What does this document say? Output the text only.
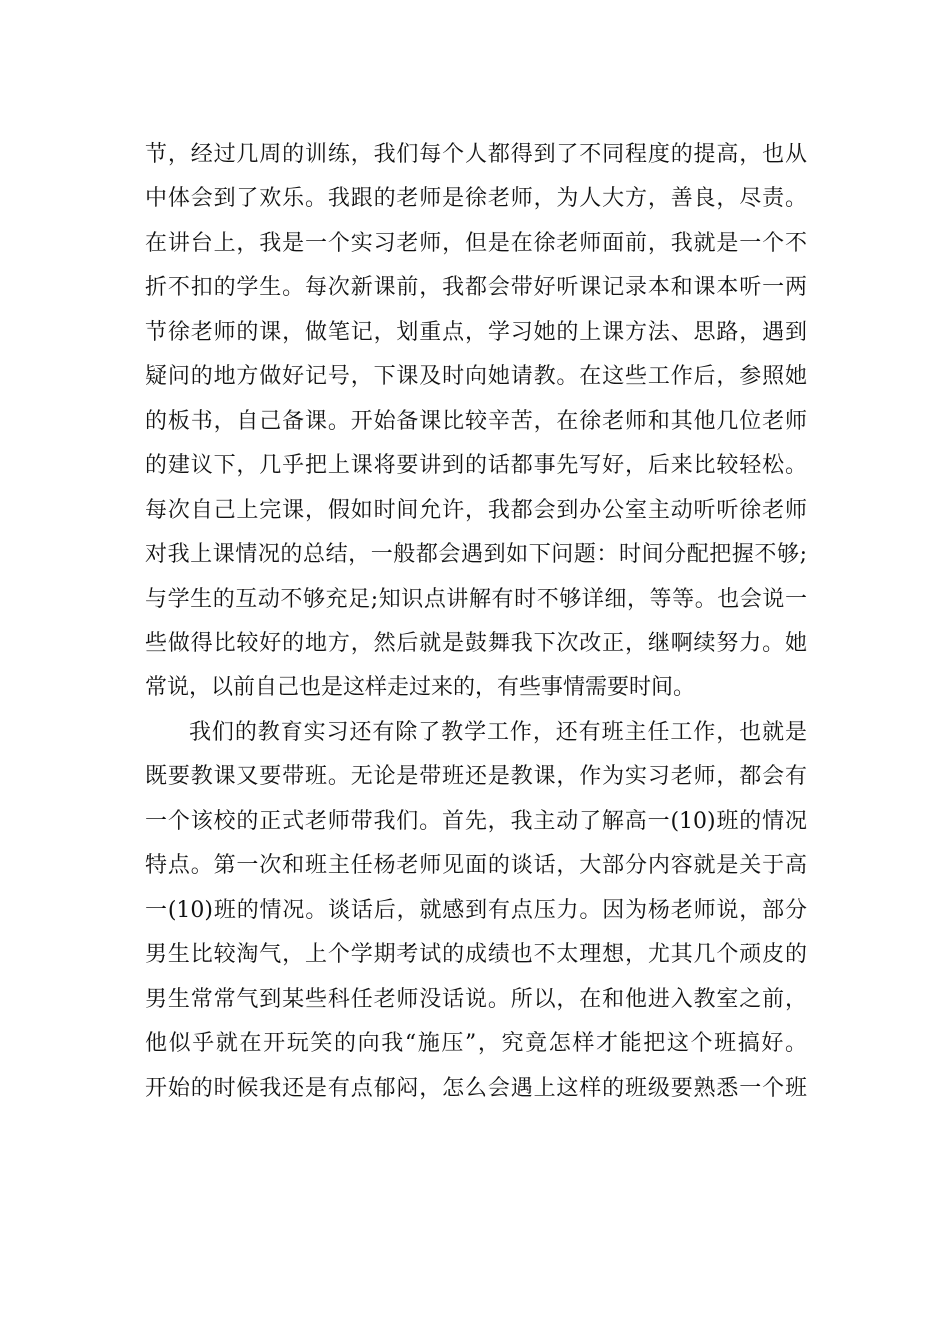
节，经过几周的训练，我们每个人都得到了不同程度的提高，也从
中体会到了欢乐。我跟的老师是徐老师，为人大方，善良，尽责。
在讲台上，我是一个实习老师，但是在徐老师面前，我就是一个不
折不扣的学生。每次新课前，我都会带好听课记录本和课本听一两
节徐老师的课，做笔记，划重点，学习她的上课方法、思路，遇到
疑问的地方做好记号，下课及时向她请教。在这些工作后，参照她
的板书，自己备课。开始备课比较辛苦，在徐老师和其他几位老师
的建议下，几乎把上课将要讲到的话都事先写好，后来比较轻松。
每次自己上完课，假如时间允许，我都会到办公室主动听听徐老师
对我上课情况的总结，一般都会遇到如下问题：时间分配把握不够;
与学生的互动不够充足;知识点讲解有时不够详细，等等。也会说一
些做得比较好的地方，然后就是鼓舞我下次改正，继啊续努力。她
常说，以前自己也是这样走过来的，有些事情需要时间。
我们的教育实习还有除了教学工作，还有班主任工作，也就是
既要教课又要带班。无论是带班还是教课，作为实习老师，都会有
一个该校的正式老师带我们。首先，我主动了解高一(10)班的情况
特点。第一次和班主任杨老师见面的谈话，大部分内容就是关于高
一(10)班的情况。谈话后，就感到有点压力。因为杨老师说，部分
男生比较淘气，上个学期考试的成绩也不太理想，尤其几个顽皮的
男生常常气到某些科任老师没话说。所以，在和他进入教室之前，
他似乎就在开玩笑的向我“施压”，究竟怎样才能把这个班搞好。
开始的时候我还是有点郁闷，怎么会遇上这样的班级要熟悉一个班
